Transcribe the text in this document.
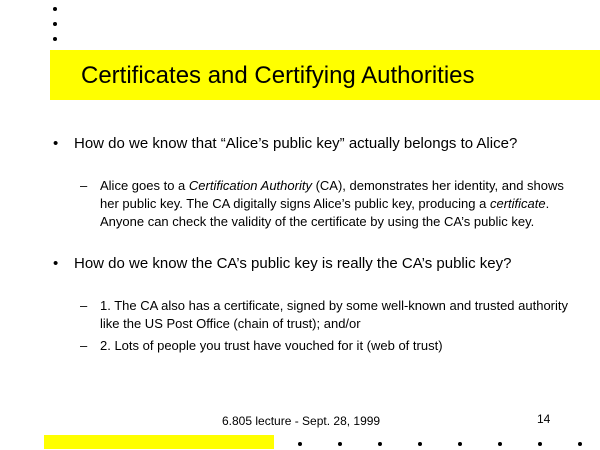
Certificates and Certifying Authorities
• How do we know that “Alice’s public key” actually belongs to Alice?
– Alice goes to a Certification Authority (CA), demonstrates her identity, and shows her public key. The CA digitally signs Alice’s public key, producing a certificate. Anyone can check the validity of the certificate by using the CA’s public key.
• How do we know the CA’s public key is really the CA’s public key?
– 1. The CA also has a certificate, signed by some well-known and trusted authority like the US Post Office (chain of trust); and/or
– 2. Lots of people you trust have vouched for it (web of trust)
6.805 lecture - Sept. 28, 1999	14
